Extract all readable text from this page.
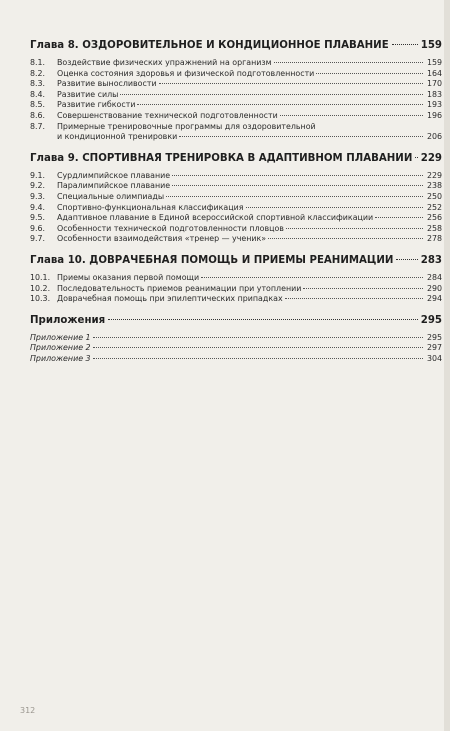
Глава 8. ОЗДОРОВИТЕЛЬНОЕ И КОНДИЦИОННОЕ ПЛАВАНИЕ	159
8.1.	Воздействие физических упражнений на организм	159
8.2.	Оценка состояния здоровья и физической подготовленности	164
8.3.	Развитие выносливости	170
8.4.	Развитие силы	183
8.5.	Развитие гибкости	193
8.6.	Совершенствование технической подготовленности	196
8.7.	Примерные тренировочные программы для оздоровительной
и кондиционной тренировки	206
Глава 9. СПОРТИВНАЯ ТРЕНИРОВКА В АДАПТИВНОМ ПЛАВАНИИ 229
9.1.	Сурдлимпийское плавание	229
9.2.	Паралимпийское плавание	238
9.3.	Специальные олимпиады	250
9.4.	Спортивно-функциональная классификация	252
9.5.	Адаптивное плавание в Единой всероссийской спортивной классификации	256
9.6.	Особенности технической подготовленности пловцов	258
9.7.	Особенности взаимодействия «тренер — ученик»	278
Глава 10. ДОВРАЧЕБНАЯ ПОМОЩЬ И ПРИЕМЫ РЕАНИМАЦИИ	283
10.1. Приемы оказания первой помощи	284
10.2. Последовательность приемов реанимации при утоплении	290
10.3. Доврачебная помощь при эпилептических припадках	294
Приложения	295
Приложение 1	295
Приложение 2	297
Приложение 3	304
312
